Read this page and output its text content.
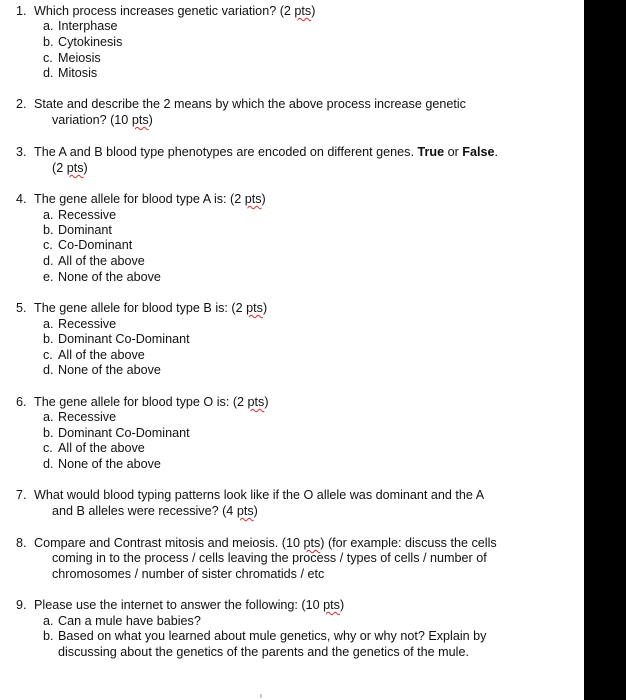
1. Which process increases genetic variation? (2 pts)
a. Interphase
b. Cytokinesis
c. Meiosis
d. Mitosis
2. State and describe the 2 means by which the above process increase genetic
variation? (10 pts)
3. The A and B blood type phenotypes are encoded on different genes. True or False.
(2 pts)
4. The gene allele for blood type A is: (2 pts)
a. Recessive
b. Dominant
c. Co-Dominant
d. All of the above
e. None of the above
5. The gene allele for blood type B is: (2 pts)
a. Recessive
b. Dominant Co-Dominant
c. All of the above
d. None of the above
6. The gene allele for blood type O is: (2 pts)
a. Recessive
b. Dominant Co-Dominant
c. All of the above
d. None of the above
7. What would blood typing patterns look like if the O allele was dominant and the A
and B alleles were recessive? (4 pts)
8. Compare and Contrast mitosis and meiosis. (10 pts) (for example: discuss the cells
coming in to the process / cells leaving the process / types of cells / number of
chromosomes / number of sister chromatids / etc
9. Please use the internet to answer the following: (10 pts)
a. Can a mule have babies?
b. Based on what you learned about mule genetics, why or why not? Explain by
discussing about the genetics of the parents and the genetics of the mule.
